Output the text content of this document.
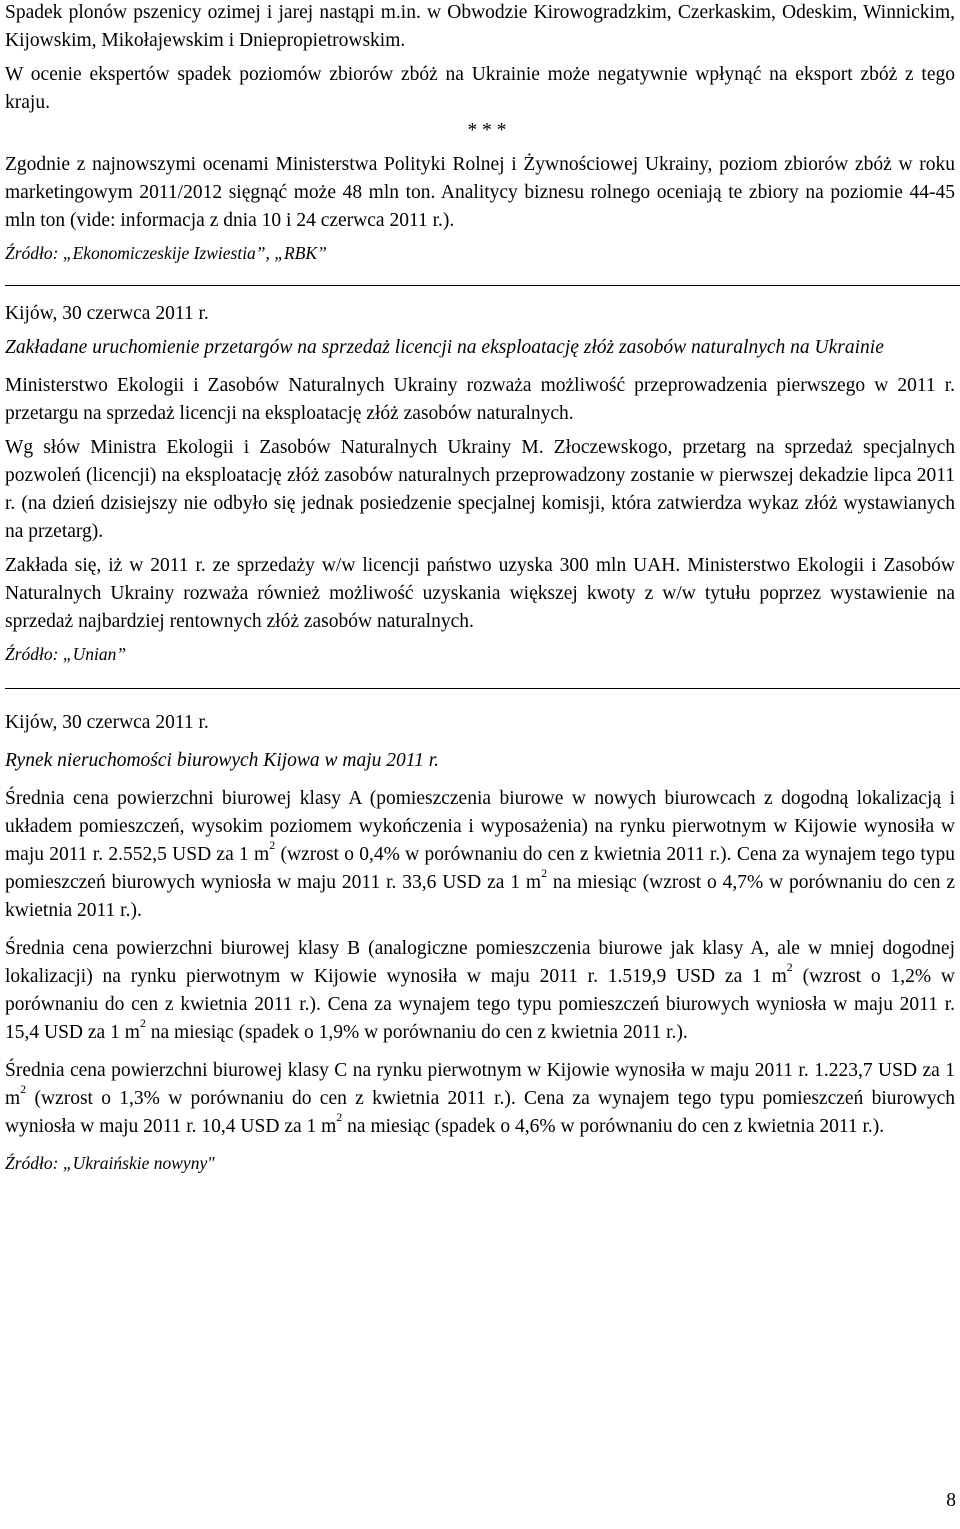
Spadek plonów pszenicy ozimej i jarej nastąpi m.in. w Obwodzie Kirowogradzkim, Czerkaskim, Odeskim, Winnickim, Kijowskim, Mikołajewskim i Dniepropietrowskim.

W ocenie ekspertów spadek poziomów zbiorów zbóż na Ukrainie może negatywnie wpłynąć na eksport zbóż z tego kraju.

* * *

Zgodnie z najnowszymi ocenami Ministerstwa Polityki Rolnej i Żywnościowej Ukrainy, poziom zbiorów zbóż w roku marketingowym 2011/2012 sięgnąć może 48 mln ton. Analitycy biznesu rolnego oceniają te zbiory na poziomie 44-45 mln ton (vide: informacja z dnia 10 i 24 czerwca 2011 r.).

Źródło: „Ekonomiczeskije Izwiestia”, „RBK”

Kijów, 30 czerwca 2011 r.

Zakładane uruchomienie przetargów na sprzedaż licencji na eksploatację złóż zasobów naturalnych na Ukrainie

Ministerstwo Ekologii i Zasobów Naturalnych Ukrainy rozważa możliwość przeprowadzenia pierwszego w 2011 r. przetargu na sprzedaż licencji na eksploatację złóż zasobów naturalnych.

Wg słów Ministra Ekologii i Zasobów Naturalnych Ukrainy M. Złoczewskogo, przetarg na sprzedaż specjalnych pozwoleń (licencji) na eksploatację złóż zasobów naturalnych przeprowadzony zostanie w pierwszej dekadzie lipca 2011 r. (na dzień dzisiejszy nie odbyło się jednak posiedzenie specjalnej komisji, która zatwierdza wykaz złóż wystawianych na przetarg).

Zakłada się, iż w 2011 r. ze sprzedaży w/w licencji państwo uzyska 300 mln UAH. Ministerstwo Ekologii i Zasobów Naturalnych Ukrainy rozważa również możliwość uzyskania większej kwoty z w/w tytułu poprzez wystawienie na sprzedaż najbardziej rentownych złóż zasobów naturalnych.

Źródło: „Unian”

Kijów, 30 czerwca 2011 r.

Rynek nieruchomości biurowych Kijowa w maju 2011 r.

Średnia cena powierzchni biurowej klasy A (pomieszczenia biurowe w nowych biurowcach z dogodną lokalizacją i układem pomieszczeń, wysokim poziomem wykończenia i wyposażenia) na rynku pierwotnym w Kijowie wynosiła w maju 2011 r. 2.552,5 USD za 1 $m^2$ (wzrost o 0,4% w porównaniu do cen z kwietnia 2011 r.). Cena za wynajem tego typu pomieszczeń biurowych wyniosła w maju 2011 r. 33,6 USD za 1 $m^2$ na miesiąc (wzrost o 4,7% w porównaniu do cen z kwietnia 2011 r.).

Średnia cena powierzchni biurowej klasy B (analogiczne pomieszczenia biurowe jak klasy A, ale w mniej dogodnej lokalizacji) na rynku pierwotnym w Kijowie wynosiła w maju 2011 r. 1.519,9 USD za 1 $m^2$ (wzrost o 1,2% w porównaniu do cen z kwietnia 2011 r.). Cena za wynajem tego typu pomieszczeń biurowych wyniosła w maju 2011 r. 15,4 USD za 1 $m^2$ na miesiąc (spadek o 1,9% w porównaniu do cen z kwietnia 2011 r.).

Średnia cena powierzchni biurowej klasy C na rynku pierwotnym w Kijowie wynosiła w maju 2011 r. 1.223,7 USD za 1 $m^2$ (wzrost o 1,3% w porównaniu do cen z kwietnia 2011 r.). Cena za wynajem tego typu pomieszczeń biurowych wyniosła w maju 2011 r. 10,4 USD za 1 $m^2$ na miesiąc (spadek o 4,6% w porównaniu do cen z kwietnia 2011 r.).

Źródło: „Ukraińskie nowyny"

8
